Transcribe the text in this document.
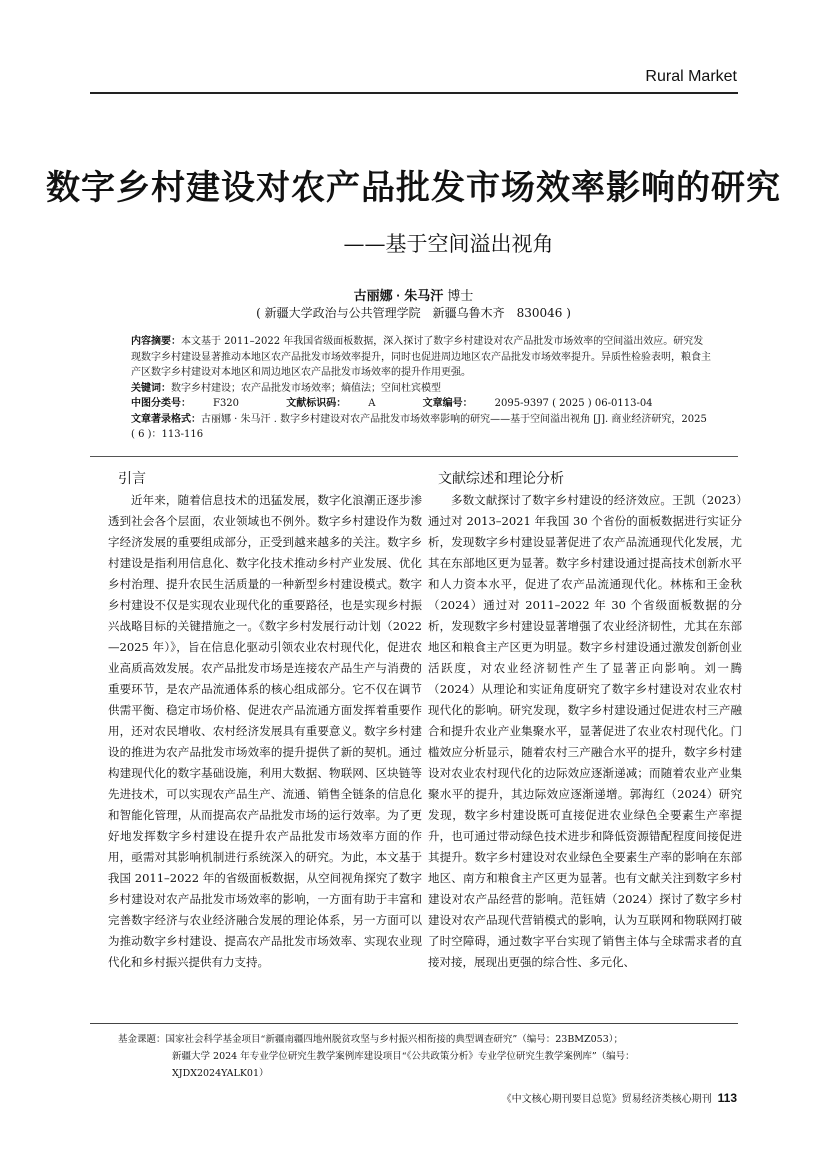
Rural Market
数字乡村建设对农产品批发市场效率影响的研究
——基于空间溢出视角
古丽娜 · 朱马汗 博士
( 新疆大学政治与公共管理学院　新疆乌鲁木齐　830046 )
内容摘要：本文基于 2011–2022 年我国省级面板数据，深入探讨了数字乡村建设对农产品批发市场效率的空间溢出效应。研究发现数字乡村建设显著推动本地区农产品批发市场效率提升，同时也促进周边地区农产品批发市场效率提升。异质性检验表明，粮食主产区数字乡村建设对本地区和周边地区农产品批发市场效率的提升作用更强。
关键词：数字乡村建设；农产品批发市场效率；熵值法；空间杜宾模型
中图分类号： F320	文献标识码： A	文章编号： 2095-9397 ( 2025 ) 06-0113-04
文章著录格式：古丽娜 · 朱马汗 . 数字乡村建设对农产品批发市场效率影响的研究——基于空间溢出视角 [J]. 商业经济研究，2025 ( 6 )：113-116
引言

近年来，随着信息技术的迅猛发展，数字化浪潮正逐步渗透到社会各个层面，农业领域也不例外。数字乡村建设作为数字经济发展的重要组成部分，正受到越来越多的关注。数字乡村建设是指利用信息化、数字化技术推动乡村产业发展、优化乡村治理、提升农民生活质量的一种新型乡村建设模式。数字乡村建设不仅是实现农业现代化的重要路径，也是实现乡村振兴战略目标的关键措施之一。《数字乡村发展行动计划（2022—2025 年）》，旨在信息化驱动引领农业农村现代化，促进农业高质高效发展。农产品批发市场是连接农产品生产与消费的重要环节，是农产品流通体系的核心组成部分。它不仅在调节供需平衡、稳定市场价格、促进农产品流通方面发挥着重要作用，还对农民增收、农村经济发展具有重要意义。数字乡村建设的推进为农产品批发市场效率的提升提供了新的契机。通过构建现代化的数字基础设施，利用大数据、物联网、区块链等先进技术，可以实现农产品生产、流通、销售全链条的信息化和智能化管理，从而提高农产品批发市场的运行效率。为了更好地发挥数字乡村建设在提升农产品批发市场效率方面的作用，亟需对其影响机制进行系统深入的研究。为此，本文基于我国 2011–2022 年的省级面板数据，从空间视角探究了数字乡村建设对农产品批发市场效率的影响，一方面有助于丰富和完善数字经济与农业经济融合发展的理论体系，另一方面可以为推动数字乡村建设、提高农产品批发市场效率、实现农业现代化和乡村振兴提供有力支持。

文献综述和理论分析

多数文献探讨了数字乡村建设的经济效应。王凯（2023）通过对 2013–2021 年我国 30 个省份的面板数据进行实证分析，发现数字乡村建设显著促进了农产品流通现代化发展，尤其在东部地区更为显著。数字乡村建设通过提高技术创新水平和人力资本水平，促进了农产品流通现代化。林栋和王金秋（2024）通过对 2011–2022 年 30 个省级面板数据的分析，发现数字乡村建设显著增强了农业经济韧性，尤其在东部地区和粮食主产区更为明显。数字乡村建设通过激发创新创业活跃度，对农业经济韧性产生了显著正向影响。刘一腾（2024）从理论和实证角度研究了数字乡村建设对农业农村现代化的影响。研究发现，数字乡村建设通过促进农村三产融合和提升农业产业集聚水平，显著促进了农业农村现代化。门槛效应分析显示，随着农村三产融合水平的提升，数字乡村建设对农业农村现代化的边际效应逐渐递减；而随着农业产业集聚水平的提升，其边际效应逐渐递增。郭海红（2024）研究发现，数字乡村建设既可直接促进农业绿色全要素生产率提升，也可通过带动绿色技术进步和降低资源错配程度间接促进其提升。数字乡村建设对农业绿色全要素生产率的影响在东部地区、南方和粮食主产区更为显著。也有文献关注到数字乡村建设对农产品经营的影响。范钰婧（2024）探讨了数字乡村建设对农产品现代营销模式的影响，认为互联网和物联网打破了时空障碍，通过数字平台实现了销售主体与全球需求者的直接对接，展现出更强的综合性、多元化、

基金课题：国家社会科学基金项目“新疆南疆四地州脱贫攻坚与乡村振兴相衔接的典型调查研究”（编号：23BMZ053）；
新疆大学 2024 年专业学位研究生教学案例库建设项目“《公共政策分析》专业学位研究生教学案例库”（编号：XJDX2024YALK01）
《中文核心期刊要目总览》贸易经济类核心期刊 113
